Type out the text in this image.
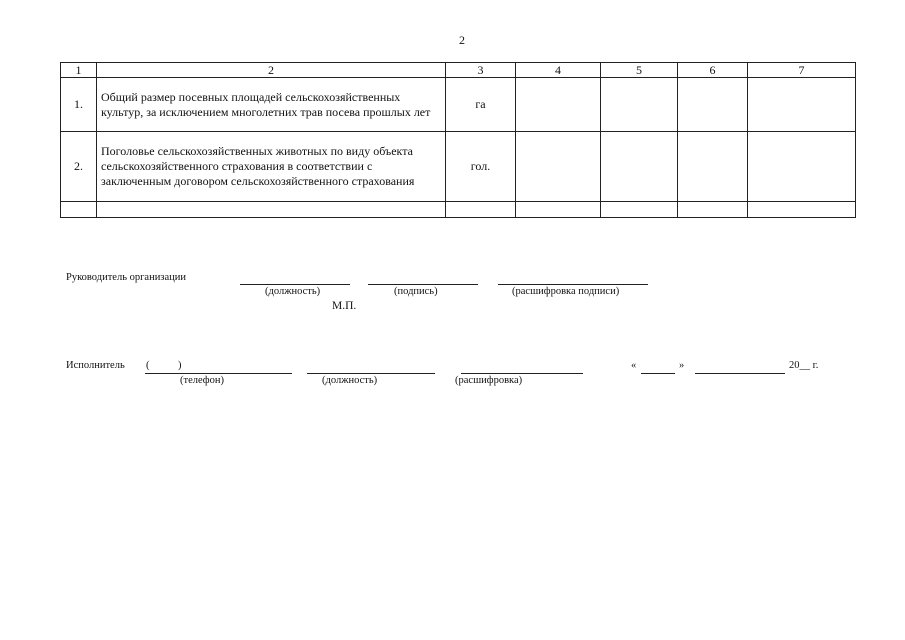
2
1	2	3	4	5	6	7
1.	Общий размер посевных площадей сельскохозяйственных культур, за исключением многолетних трав посева прошлых лет	га				
2.	Поголовье сельскохозяйственных животных по виду объекта сельскохозяйственного страхования в соответствии с заключенным договором сельскохозяйственного страхования	гол.				

Руководитель организации
(должность)	(подпись)	(расшифровка подписи)
М.П.
Исполнитель (	)
(телефон)	(должность)	(расшифровка)
«	»	20__ г.
